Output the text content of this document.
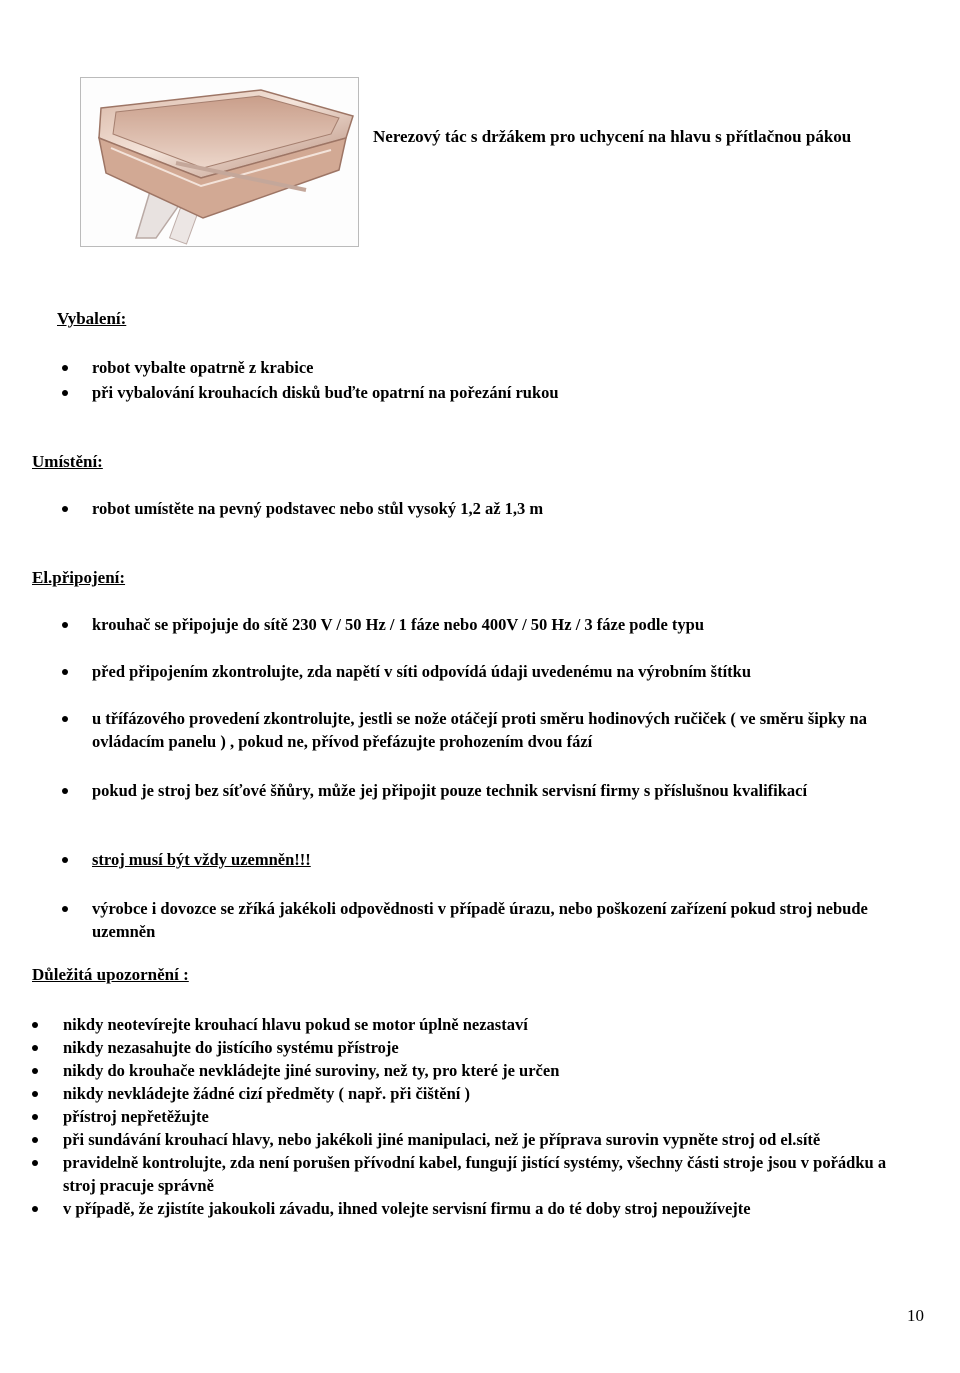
Nerezový tác s držákem pro uchycení na hlavu s přítlačnou pákou
Vybalení:
robot vybalte opatrně z krabice
při vybalování krouhacích disků buďte opatrní na pořezání rukou
Umístění:
robot umístěte na pevný podstavec nebo stůl vysoký 1,2 až 1,3 m
El.připojení:
krouhač se připojuje do sítě 230 V / 50 Hz / 1 fáze nebo 400V / 50 Hz / 3 fáze podle typu
před připojením zkontrolujte, zda napětí v síti odpovídá údaji uvedenému na výrobním štítku
u třífázového provedení zkontrolujte, jestli se nože otáčejí proti směru hodinových ručiček ( ve směru šipky na ovládacím panelu ) , pokud ne, přívod přefázujte prohozením dvou fází
pokud je stroj bez síťové šňůry, může jej připojit pouze technik servisní firmy s příslušnou kvalifikací
stroj musí být vždy uzemněn!!!
výrobce i dovozce se zříká jakékoli odpovědnosti v případě úrazu, nebo poškození zařízení pokud stroj nebude uzemněn
Důležitá upozornění :
nikdy neotevírejte krouhací hlavu pokud se motor úplně nezastaví
nikdy nezasahujte do jistícího systému přístroje
nikdy do krouhače nevkládejte jiné suroviny, než ty, pro které je určen
nikdy nevkládejte žádné cizí předměty ( např. při čištění )
přístroj nepřetěžujte
při sundávání krouhací hlavy, nebo jakékoli jiné manipulaci, než je příprava surovin vypněte stroj od el.sítě
pravidelně kontrolujte, zda není porušen přívodní kabel, fungují jistící systémy, všechny části stroje jsou v pořádku a stroj pracuje správně
v případě, že zjistíte jakoukoli závadu, ihned volejte servisní firmu a do té doby stroj nepoužívejte
10
